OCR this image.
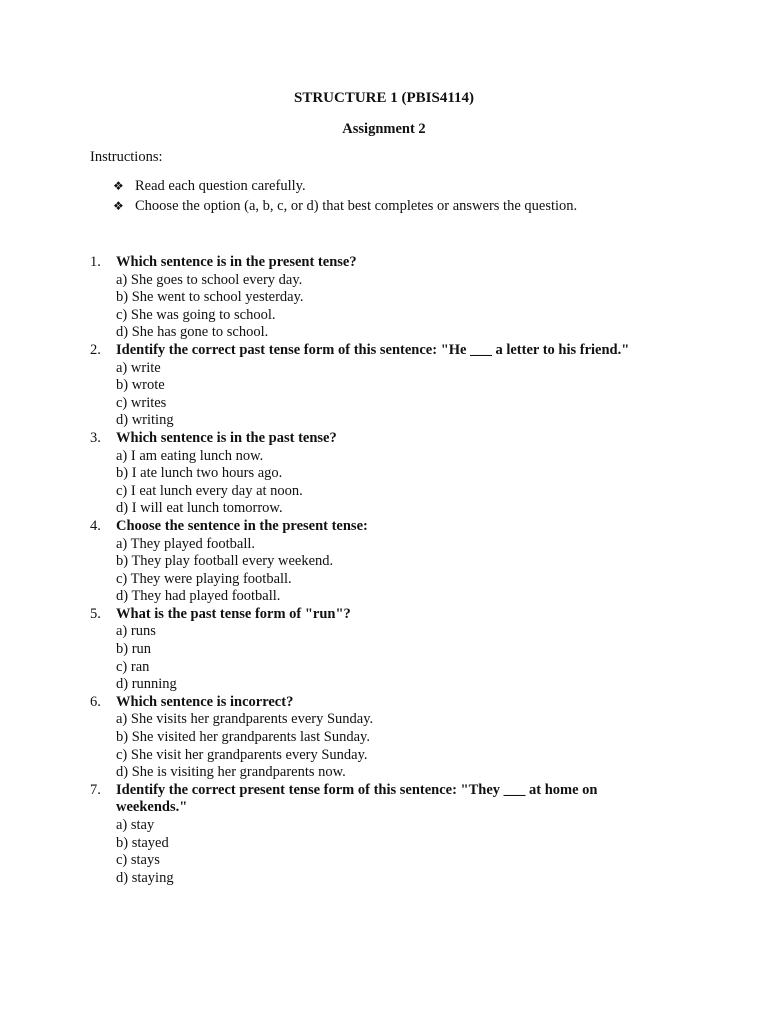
STRUCTURE 1 (PBIS4114)
Assignment 2

Instructions:

❖ Read each question carefully.
❖ Choose the option (a, b, c, or d) that best completes or answers the question.
1.	Which sentence is in the present tense?
a) She goes to school every day.
b) She went to school yesterday.
c) She was going to school.
d) She has gone to school.
2.	Identify the correct past tense form of this sentence: "He ___ a letter to his friend."
a) write
b) wrote
c) writes
d) writing
3.	Which sentence is in the past tense?
a) I am eating lunch now.
b) I ate lunch two hours ago.
c) I eat lunch every day at noon.
d) I will eat lunch tomorrow.
4.	Choose the sentence in the present tense:
a) They played football.
b) They play football every weekend.
c) They were playing football.
d) They had played football.
5.	What is the past tense form of "run"?
a) runs
b) run
c) ran
d) running
6.	Which sentence is incorrect?
a) She visits her grandparents every Sunday.
b) She visited her grandparents last Sunday.
c) She visit her grandparents every Sunday.
d) She is visiting her grandparents now.
7.	Identify the correct present tense form of this sentence: "They ___ at home on weekends."
a) stay
b) stayed
c) stays
d) staying
